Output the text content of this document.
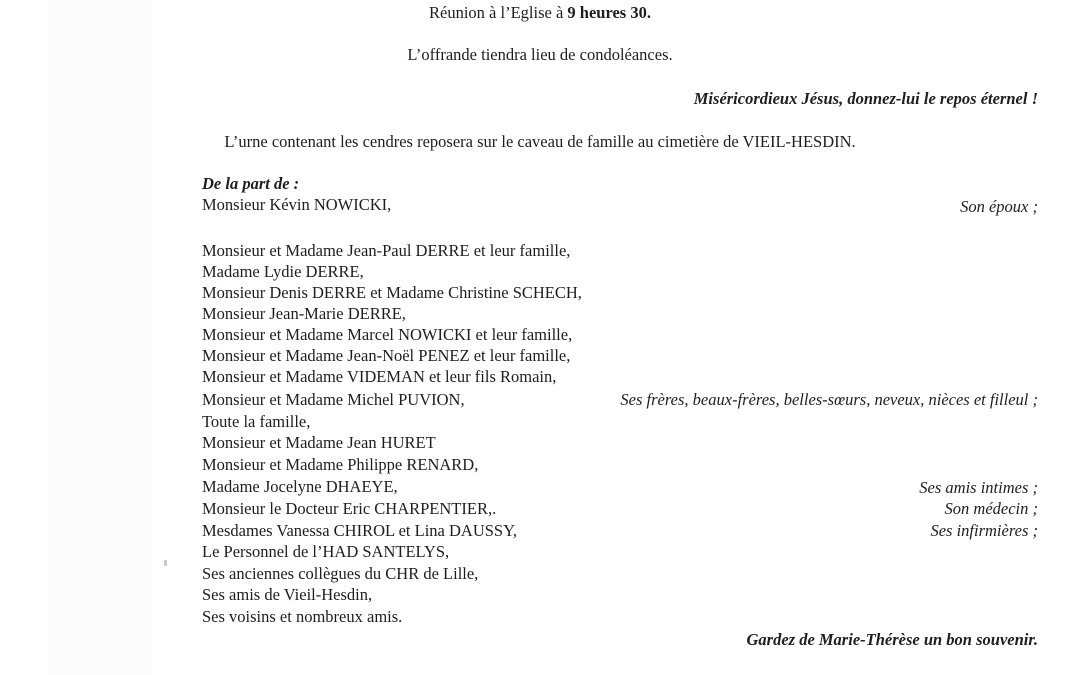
Réunion à l’Eglise à 9 heures 30.
L’offrande tiendra lieu de condoléances.
Miséricordieux Jésus, donnez-lui le repos éternel !
L’urne contenant les cendres reposera sur le caveau de famille au cimetière de VIEIL-HESDIN.
De la part de :
Monsieur Kévin NOWICKI,	Son époux ;
Monsieur et Madame Jean-Paul DERRE et leur famille,
Madame Lydie DERRE,
Monsieur Denis DERRE et Madame Christine SCHECH,
Monsieur Jean-Marie DERRE,
Monsieur et Madame Marcel NOWICKI et leur famille,
Monsieur et Madame Jean-Noël PENEZ et leur famille,
Monsieur et Madame VIDEMAN et leur fils Romain,
Monsieur et Madame Michel PUVION,	Ses frères, beaux-frères, belles-sœurs, neveux, nièces et filleul ;
Toute la famille,
Monsieur et Madame Jean HURET
Monsieur et Madame Philippe RENARD,
Madame Jocelyne DHAEYE,	Ses amis intimes ;
Monsieur le Docteur Eric CHARPENTIER,.	Son médecin ;
Mesdames Vanessa CHIROL et Lina DAUSSY,	Ses infirmières ;
Le Personnel de l’HAD SANTELYS,
Ses anciennes collègues du CHR de Lille,
Ses amis de Vieil-Hesdin,
Ses voisins et nombreux amis.
Gardez de Marie-Thérèse un bon souvenir.
